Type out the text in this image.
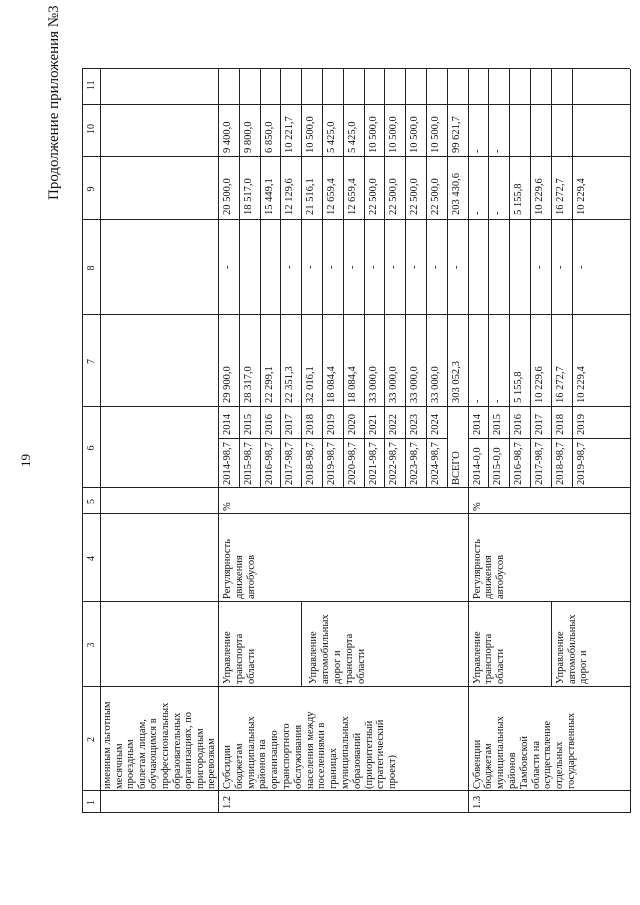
19
Продолжение приложения №3
1
2
3
4
5
6
7
8
9
10
11
именным льготным месячным проездным билетам лицам, обучающимся в профессиональных образовательных организациях, по пригородным перевозкам
1.2
Субсидии бюджетам муниципальных районов на организацию транспортного обслуживания населения между поселениями в границах муниципальных образований (приоритетный стратегический проект)
Управление транспорта области	Управление автомобильных дорог и транспорта области
Регулярность движения автобусов
%
2014-98,7
2014
29 900,0
-
20 500,0
9 400,0
2015-98,7
2015
28 317,0
18 517,0
9 800,0
2016-98,7
2016
22 299,1
15 449,1
6 850,0
2017-98,7
2017
22 351,3
-
12 129,6
10 221,7
2018-98,7
2018
32 016,1
-
21 516,1
10 500,0
2019-98,7
2019
18 084,4
-
12 659,4
5 425,0
2020-98,7
2020
18 084,4
-
12 659,4
5 425,0
2021-98,7
2021
33 000,0
-
22 500,0
10 500,0
2022-98,7
2022
33 000,0
-
22 500,0
10 500,0
2023-98,7
2023
33 000,0
-
22 500,0
10 500,0
2024-98,7
2024
33 000,0
-
22 500,0
10 500,0
ВСЕГО
303 052,3
-
203 430,6
99 621,7
1.3
Субвенции бюджетам муниципальных районов Тамбовской области на осуществление отдельных государственных
Управление транспорта области	Управление автомобильных дорог и
Регулярность движения автобусов
%
2014-0,0
2014
-
-
-
2015-0,0
2015
-
-
-
2016-98,7
2016
5 155,8
5 155,8
2017-98,7
2017
10 229,6
-
10 229,6
2018-98,7
2018
16 272,7
-
16 272,7
2019-98,7
2019
10 229,4
-
10 229,4
